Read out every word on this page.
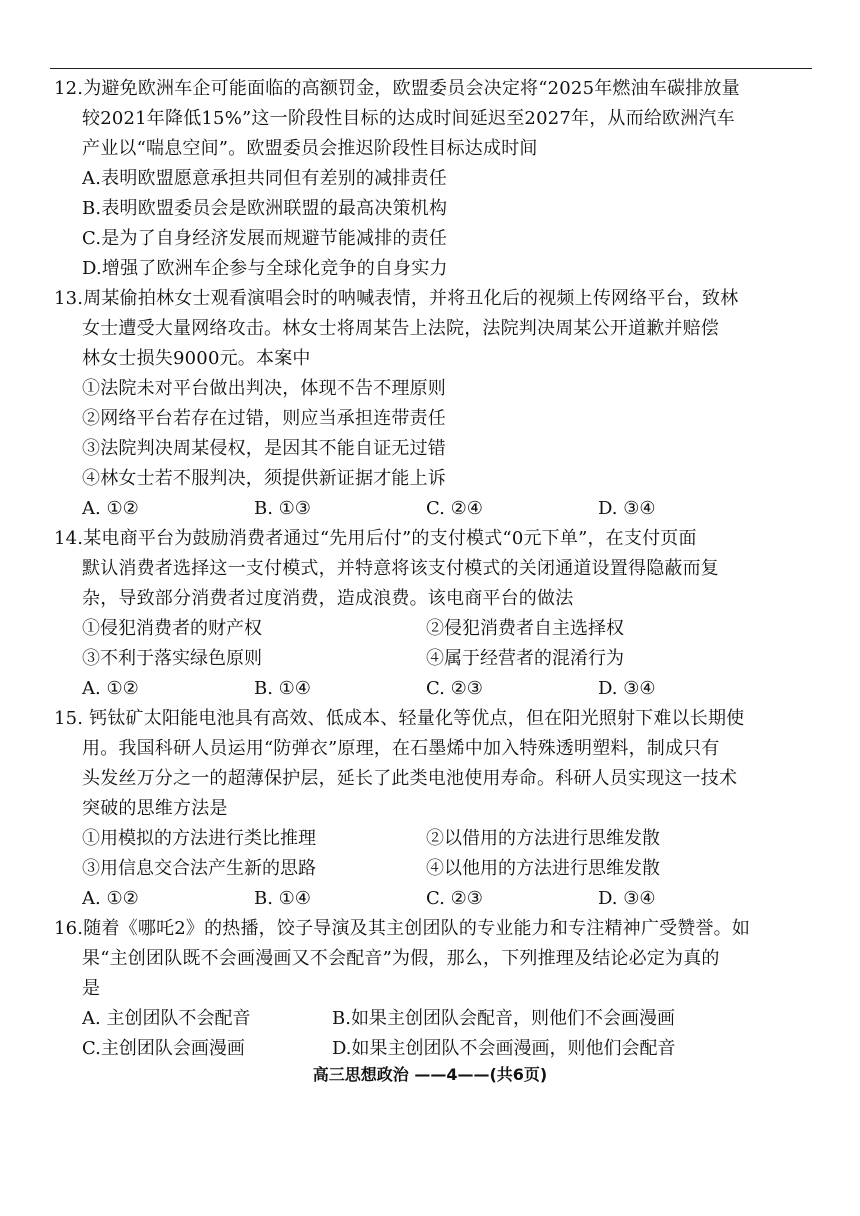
12.为避免欧洲车企可能面临的高额罚金，欧盟委员会决定将“2025年燃油车碳排放量
较2021年降低15%”这一阶段性目标的达成时间延迟至2027年，从而给欧洲汽车
产业以“喘息空间”。欧盟委员会推迟阶段性目标达成时间
A.表明欧盟愿意承担共同但有差别的减排责任
B.表明欧盟委员会是欧洲联盟的最高决策机构
C.是为了自身经济发展而规避节能减排的责任
D.增强了欧洲车企参与全球化竞争的自身实力
13.周某偷拍林女士观看演唱会时的呐喊表情，并将丑化后的视频上传网络平台，致林
女士遭受大量网络攻击。林女士将周某告上法院，法院判决周某公开道歉并赔偿
林女士损失9000元。本案中
①法院未对平台做出判决，体现不告不理原则
②网络平台若存在过错，则应当承担连带责任
③法院判决周某侵权，是因其不能自证无过错
④林女士若不服判决，须提供新证据才能上诉
A. ①②	B. ①③	C. ②④	D. ③④
14.某电商平台为鼓励消费者通过“先用后付”的支付模式“0元下单”，在支付页面
默认消费者选择这一支付模式，并特意将该支付模式的关闭通道设置得隐蔽而复
杂，导致部分消费者过度消费，造成浪费。该电商平台的做法
①侵犯消费者的财产权	②侵犯消费者自主选择权
③不利于落实绿色原则	④属于经营者的混淆行为
A. ①②	B. ①④	C. ②③	D. ③④
15. 钙钛矿太阳能电池具有高效、低成本、轻量化等优点，但在阳光照射下难以长期使
用。我国科研人员运用“防弹衣”原理，在石墨烯中加入特殊透明塑料，制成只有
头发丝万分之一的超薄保护层，延长了此类电池使用寿命。科研人员实现这一技术
突破的思维方法是
①用模拟的方法进行类比推理	②以借用的方法进行思维发散
③用信息交合法产生新的思路	④以他用的方法进行思维发散
A. ①②	B. ①④	C. ②③	D. ③④
16.随着《哪吒2》的热播，饺子导演及其主创团队的专业能力和专注精神广受赞誉。如
果“主创团队既不会画漫画又不会配音”为假，那么，下列推理及结论必定为真的
是
A. 主创团队不会配音	B.如果主创团队会配音，则他们不会画漫画
C.主创团队会画漫画	D.如果主创团队不会画漫画，则他们会配音
高三思想政治 ——4——(共6页)
